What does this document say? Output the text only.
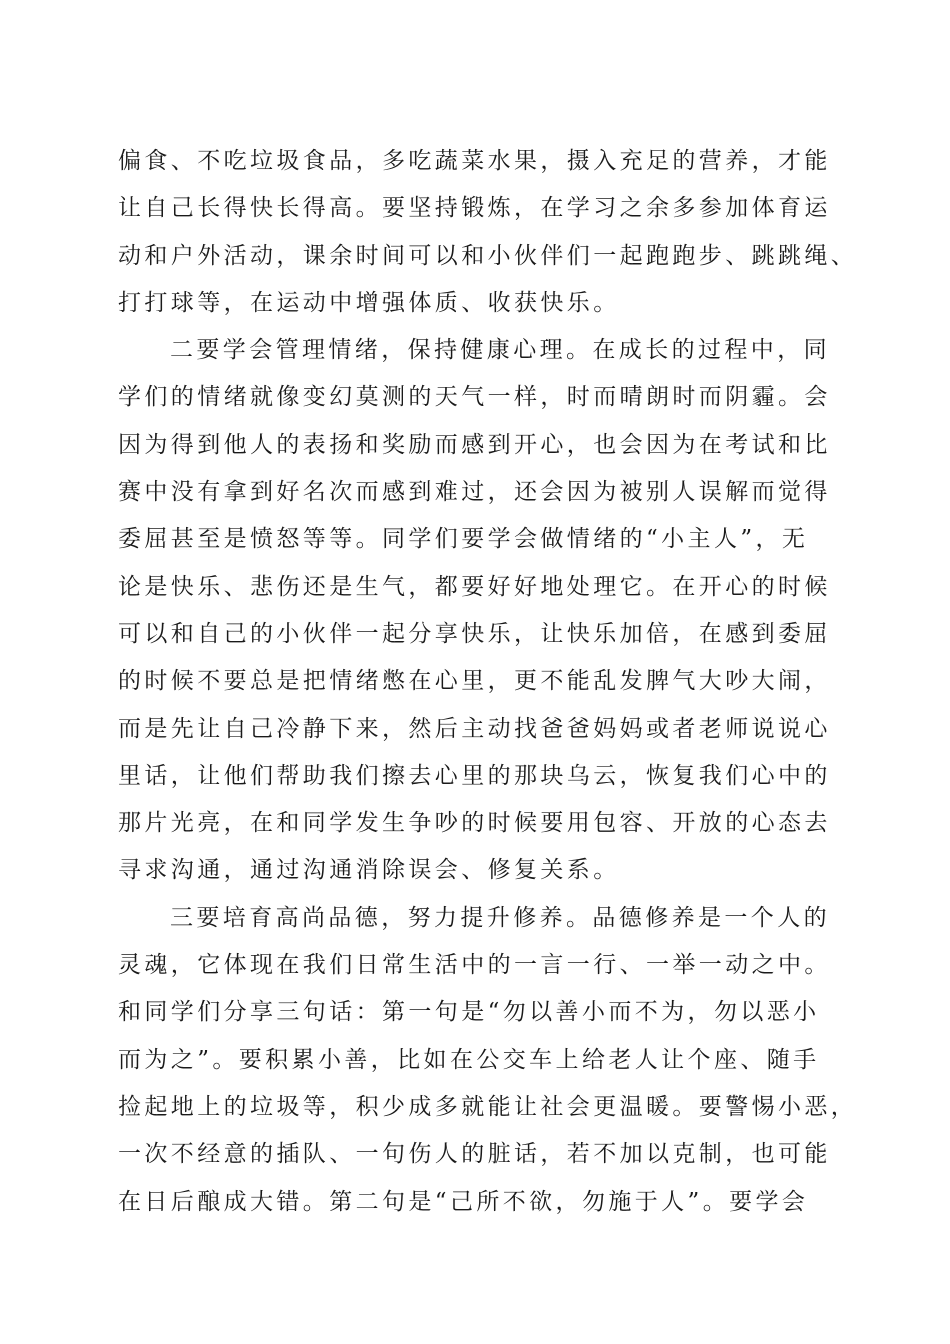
偏食、不吃垃圾食品，多吃蔬菜水果，摄入充足的营养，才能
让自己长得快长得高。要坚持锻炼，在学习之余多参加体育运
动和户外活动，课余时间可以和小伙伴们一起跑跑步、跳跳绳、
打打球等，在运动中增强体质、收获快乐。
二要学会管理情绪，保持健康心理。在成长的过程中，同
学们的情绪就像变幻莫测的天气一样，时而晴朗时而阴霾。会
因为得到他人的表扬和奖励而感到开心，也会因为在考试和比
赛中没有拿到好名次而感到难过，还会因为被别人误解而觉得
委屈甚至是愤怒等等。同学们要学会做情绪的“小主人”，无
论是快乐、悲伤还是生气，都要好好地处理它。在开心的时候
可以和自己的小伙伴一起分享快乐，让快乐加倍，在感到委屈
的时候不要总是把情绪憋在心里，更不能乱发脾气大吵大闹，
而是先让自己冷静下来，然后主动找爸爸妈妈或者老师说说心
里话，让他们帮助我们擦去心里的那块乌云，恢复我们心中的
那片光亮，在和同学发生争吵的时候要用包容、开放的心态去
寻求沟通，通过沟通消除误会、修复关系。
三要培育高尚品德，努力提升修养。品德修养是一个人的
灵魂，它体现在我们日常生活中的一言一行、一举一动之中。
和同学们分享三句话：第一句是“勿以善小而不为，勿以恶小
而为之”。要积累小善，比如在公交车上给老人让个座、随手
捡起地上的垃圾等，积少成多就能让社会更温暖。要警惕小恶，
一次不经意的插队、一句伤人的脏话，若不加以克制，也可能
在日后酿成大错。第二句是“己所不欲，勿施于人”。要学会
